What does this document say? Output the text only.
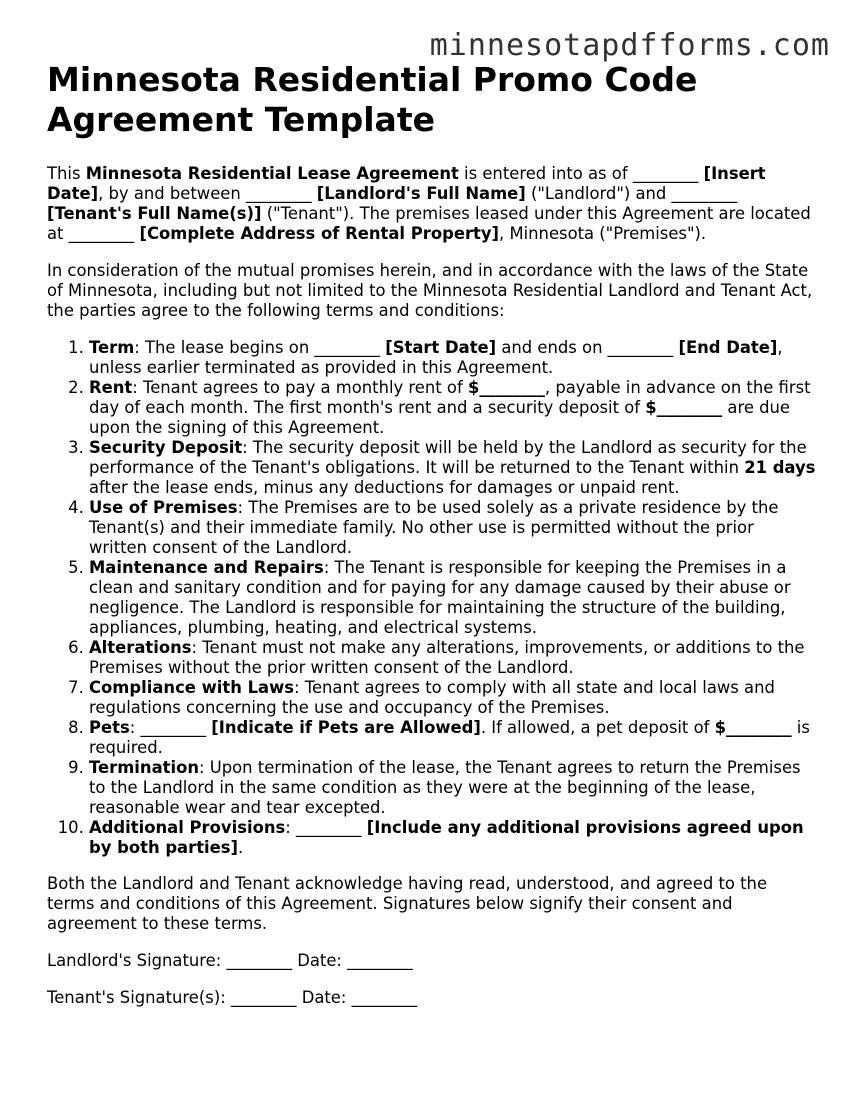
minnesotapdfforms.com
Minnesota Residential Promo Code Agreement Template

This Minnesota Residential Lease Agreement is entered into as of ________ [Insert Date], by and between ________ [Landlord's Full Name] ("Landlord") and ________ [Tenant's Full Name(s)] ("Tenant"). The premises leased under this Agreement are located at ________ [Complete Address of Rental Property], Minnesota ("Premises").

In consideration of the mutual promises herein, and in accordance with the laws of the State of Minnesota, including but not limited to the Minnesota Residential Landlord and Tenant Act, the parties agree to the following terms and conditions:

1. Term: The lease begins on ________ [Start Date] and ends on ________ [End Date], unless earlier terminated as provided in this Agreement.
2. Rent: Tenant agrees to pay a monthly rent of $________, payable in advance on the first day of each month. The first month's rent and a security deposit of $________ are due upon the signing of this Agreement.
3. Security Deposit: The security deposit will be held by the Landlord as security for the performance of the Tenant's obligations. It will be returned to the Tenant within 21 days after the lease ends, minus any deductions for damages or unpaid rent.
4. Use of Premises: The Premises are to be used solely as a private residence by the Tenant(s) and their immediate family. No other use is permitted without the prior written consent of the Landlord.
5. Maintenance and Repairs: The Tenant is responsible for keeping the Premises in a clean and sanitary condition and for paying for any damage caused by their abuse or negligence. The Landlord is responsible for maintaining the structure of the building, appliances, plumbing, heating, and electrical systems.
6. Alterations: Tenant must not make any alterations, improvements, or additions to the Premises without the prior written consent of the Landlord.
7. Compliance with Laws: Tenant agrees to comply with all state and local laws and regulations concerning the use and occupancy of the Premises.
8. Pets: ________ [Indicate if Pets are Allowed]. If allowed, a pet deposit of $________ is required.
9. Termination: Upon termination of the lease, the Tenant agrees to return the Premises to the Landlord in the same condition as they were at the beginning of the lease, reasonable wear and tear excepted.
10. Additional Provisions: ________ [Include any additional provisions agreed upon by both parties].

Both the Landlord and Tenant acknowledge having read, understood, and agreed to the terms and conditions of this Agreement. Signatures below signify their consent and agreement to these terms.

Landlord's Signature: ________ Date: ________

Tenant's Signature(s): ________ Date: ________
